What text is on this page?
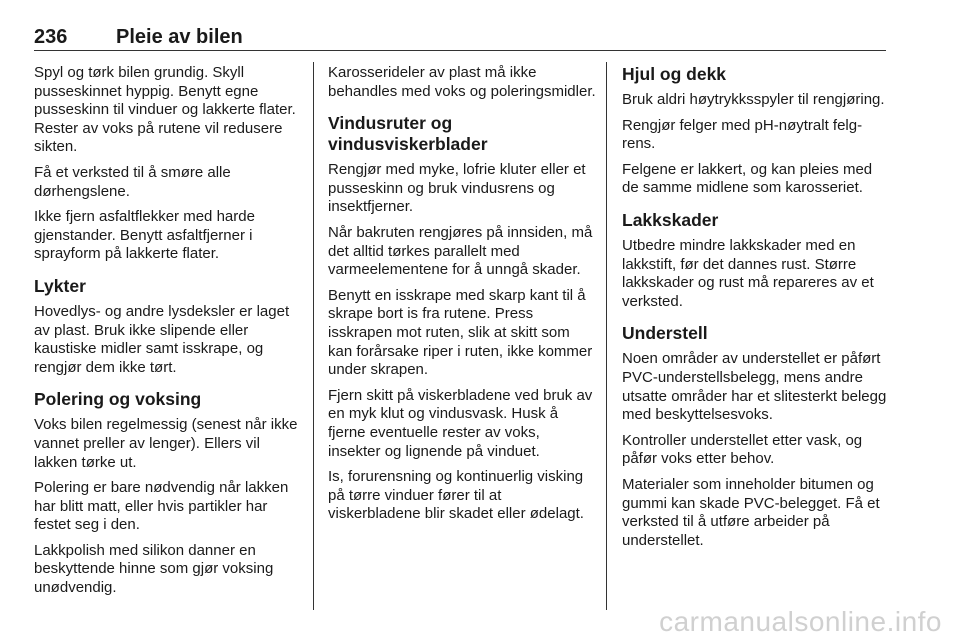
236 Pleie av bilen

Spyl og tørk bilen grundig. Skyll pusseskinnet hyppig. Benytt egne pusseskinn til vinduer og lakkerte flater. Rester av voks på rutene vil redusere sikten.

Få et verksted til å smøre alle dørhengslene.

Ikke fjern asfaltflekker med harde gjenstander. Benytt asfaltfjerner i sprayform på lakkerte flater.

Lykter

Hovedlys- og andre lysdeksler er laget av plast. Bruk ikke slipende eller kaustiske midler samt isskrape, og rengjør dem ikke tørt.

Polering og voksing

Voks bilen regelmessig (senest når ikke vannet preller av lenger). Ellers vil lakken tørke ut.

Polering er bare nødvendig når lakken har blitt matt, eller hvis partikler har festet seg i den.

Lakkpolish med silikon danner en beskyttende hinne som gjør voksing unødvendig.

Karosserideler av plast må ikke behandles med voks og poleringsmidler.

Vindusruter og vindusviskerblader

Rengjør med myke, lofrie kluter eller et pusseskinn og bruk vindusrens og insektfjerner.

Når bakruten rengjøres på innsiden, må det alltid tørkes parallelt med varmeelementene for å unngå skader.

Benytt en isskrape med skarp kant til å skrape bort is fra rutene. Press isskrapen mot ruten, slik at skitt som kan forårsake riper i ruten, ikke kommer under skrapen.

Fjern skitt på viskerbladene ved bruk av en myk klut og vindusvask. Husk å fjerne eventuelle rester av voks, insekter og lignende på vinduet.

Is, forurensning og kontinuerlig visking på tørre vinduer fører til at viskerbladene blir skadet eller ødelagt.

Hjul og dekk

Bruk aldri høytrykksspyler til rengjøring.

Rengjør felger med pH-nøytralt felgrens.

Felgene er lakkert, og kan pleies med de samme midlene som karosseriet.

Lakkskader

Utbedre mindre lakkskader med en lakkstift, før det dannes rust. Større lakkskader og rust må repareres av et verksted.

Understell

Noen områder av understellet er påført PVC-understellsbelegg, mens andre utsatte områder har et slitesterkt belegg med beskyttelsesvoks.

Kontroller understellet etter vask, og påfør voks etter behov.

Materialer som inneholder bitumen og gummi kan skade PVC-belegget. Få et verksted til å utføre arbeider på understellet.

carmanualsonline.info
